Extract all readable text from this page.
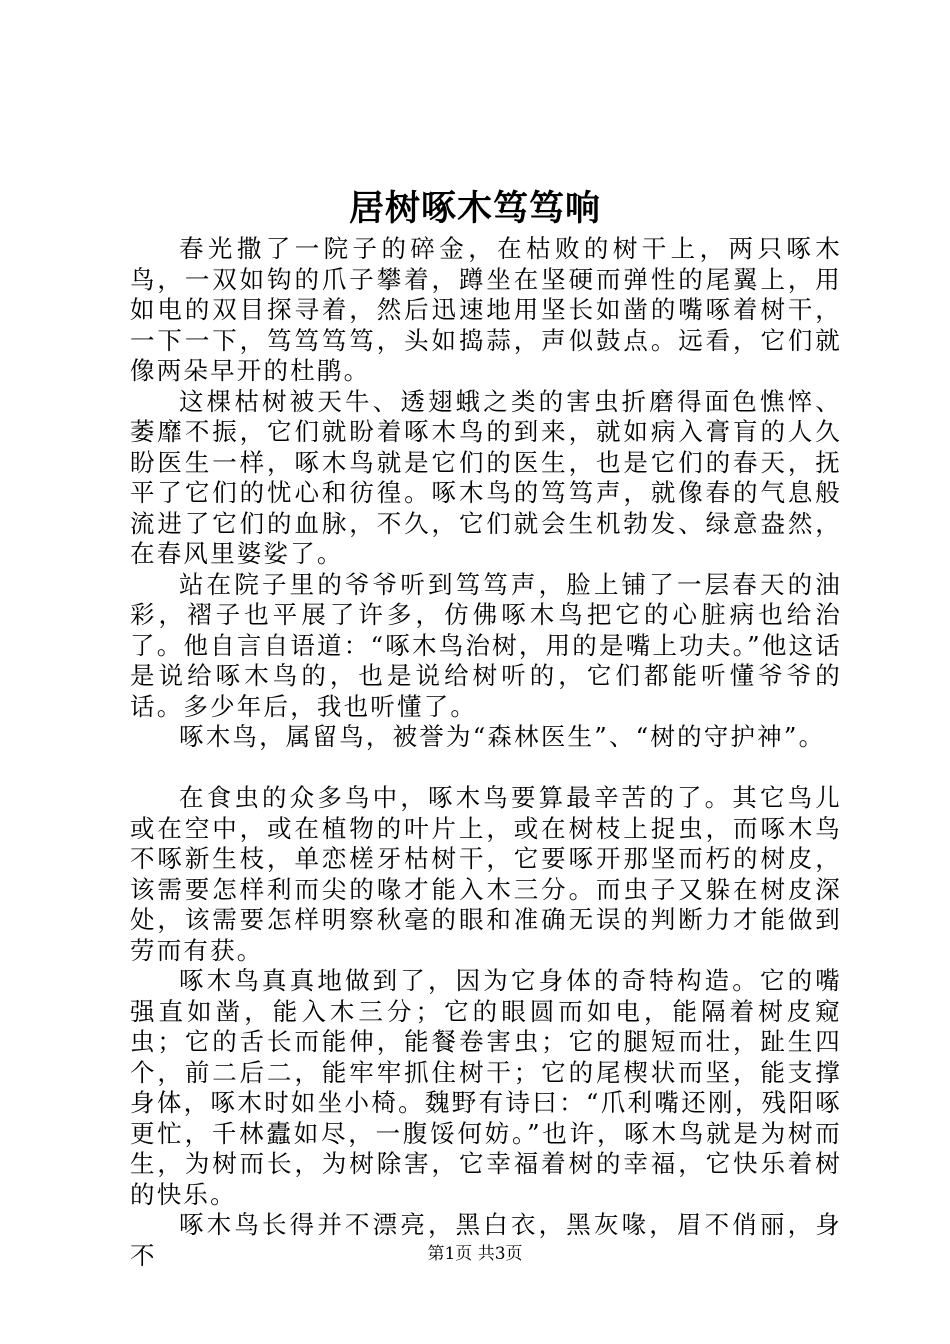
居树啄木笃笃响

春光撒了一院子的碎金，在枯败的树干上，两只啄木鸟，一双如钩的爪子攀着，蹲坐在坚硬而弹性的尾翼上，用如电的双目探寻着，然后迅速地用坚长如凿的嘴啄着树干，一下一下，笃笃笃笃，头如捣蒜，声似鼓点。远看，它们就像两朵早开的杜鹃。

这棵枯树被天牛、透翅蛾之类的害虫折磨得面色憔悴、萎靡不振，它们就盼着啄木鸟的到来，就如病入膏肓的人久盼医生一样，啄木鸟就是它们的医生，也是它们的春天，抚平了它们的忧心和彷徨。啄木鸟的笃笃声，就像春的气息般流进了它们的血脉，不久，它们就会生机勃发、绿意盎然，在春风里婆娑了。

站在院子里的爷爷听到笃笃声，脸上铺了一层春天的油彩，褶子也平展了许多，仿佛啄木鸟把它的心脏病也给治了。他自言自语道：“啄木鸟治树，用的是嘴上功夫。”他这话是说给啄木鸟的，也是说给树听的，它们都能听懂爷爷的话。多少年后，我也听懂了。

啄木鸟，属留鸟，被誉为“森林医生”、“树的守护神”。

在食虫的众多鸟中，啄木鸟要算最辛苦的了。其它鸟儿或在空中，或在植物的叶片上，或在树枝上捉虫，而啄木鸟不啄新生枝，单恋槎牙枯树干，它要啄开那坚而朽的树皮，该需要怎样利而尖的喙才能入木三分。而虫子又躲在树皮深处，该需要怎样明察秋毫的眼和准确无误的判断力才能做到劳而有获。

啄木鸟真真地做到了，因为它身体的奇特构造。它的嘴强直如凿，能入木三分；它的眼圆而如电，能隔着树皮窥虫；它的舌长而能伸，能餐卷害虫；它的腿短而壮，趾生四个，前二后二，能牢牢抓住树干；它的尾楔状而坚，能支撑身体，啄木时如坐小椅。魏野有诗曰：“爪利嘴还刚，残阳啄更忙，千林蠹如尽，一腹馁何妨。”也许，啄木鸟就是为树而生，为树而长，为树除害，它幸福着树的幸福，它快乐着树的快乐。

啄木鸟长得并不漂亮，黑白衣，黑灰喙，眉不俏丽，身不	第1页 共3页
